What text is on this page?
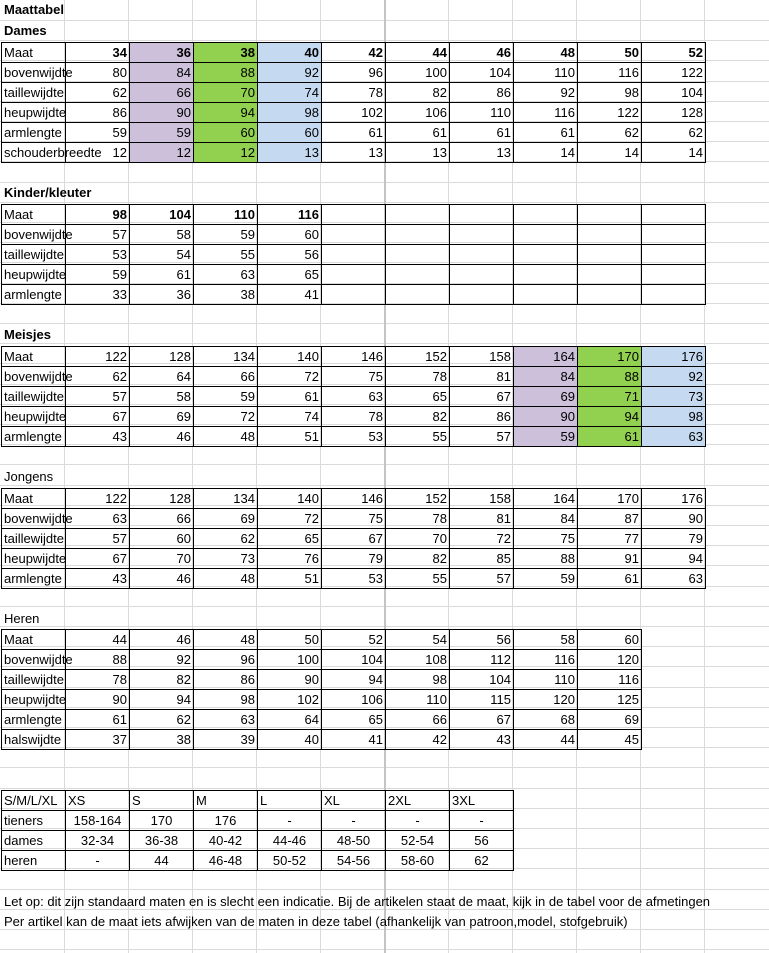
Maattabel
Dames
Maat	34	36	38	40	42	44	46	48	50	52
bovenwijdte	80	84	88	92	96	100	104	110	116	122
taillewijdte	62	66	70	74	78	82	86	92	98	104
heupwijdte	86	90	94	98	102	106	110	116	122	128
armlengte	59	59	60	60	61	61	61	61	62	62
schouderbreedte	12	12	12	13	13	13	13	14	14	14
Kinder/kleuter
Maat	98	104	110	116						
bovenwijdte	57	58	59	60						
taillewijdte	53	54	55	56						
heupwijdte	59	61	63	65						
armlengte	33	36	38	41						
Meisjes
Maat	122	128	134	140	146	152	158	164	170	176
bovenwijdte	62	64	66	72	75	78	81	84	88	92
taillewijdte	57	58	59	61	63	65	67	69	71	73
heupwijdte	67	69	72	74	78	82	86	90	94	98
armlengte	43	46	48	51	53	55	57	59	61	63
Jongens
Maat	122	128	134	140	146	152	158	164	170	176
bovenwijdte	63	66	69	72	75	78	81	84	87	90
taillewijdte	57	60	62	65	67	70	72	75	77	79
heupwijdte	67	70	73	76	79	82	85	88	91	94
armlengte	43	46	48	51	53	55	57	59	61	63
Heren
Maat	44	46	48	50	52	54	56	58	60
bovenwijdte	88	92	96	100	104	108	112	116	120
taillewijdte	78	82	86	90	94	98	104	110	116
heupwijdte	90	94	98	102	106	110	115	120	125
armlengte	61	62	63	64	65	66	67	68	69
halswijdte	37	38	39	40	41	42	43	44	45
S/M/L/XL	XS	S	M	L	XL	2XL	3XL
tieners	158-164	170	176	-	-	-	-
dames	32-34	36-38	40-42	44-46	48-50	52-54	56
heren	-	44	46-48	50-52	54-56	58-60	62
Let op: dit zijn standaard maten en is slecht een indicatie. Bij de artikelen staat de maat, kijk in de tabel voor de afmetingen
Per artikel kan de maat iets afwijken van de maten in deze tabel (afhankelijk van patroon,model, stofgebruik)
